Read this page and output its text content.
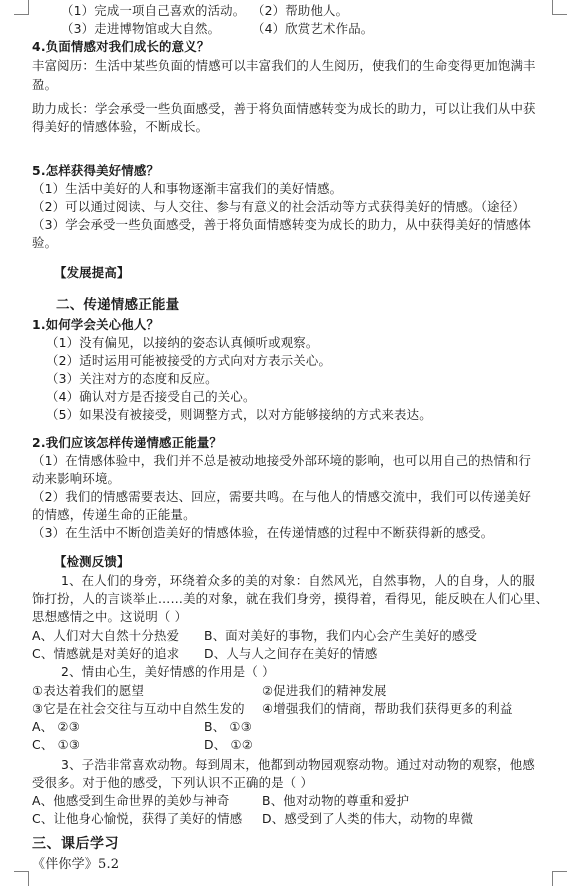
（1）完成一项自己喜欢的活动。 （2）帮助他人。
（3）走进博物馆或大自然。	（4）欣赏艺术作品。
4.负面情感对我们成长的意义？
丰富阅历：生活中某些负面的情感可以丰富我们的人生阅历，使我们的生命变得更加饱满丰
盈。
助力成长：学会承受一些负面感受，善于将负面情感转变为成长的助力，可以让我们从中获
得美好的情感体验，不断成长。
5.怎样获得美好情感？
（1）生活中美好的人和事物逐渐丰富我们的美好情感。
（2）可以通过阅读、与人交往、参与有意义的社会活动等方式获得美好的情感。（途径）
（3）学会承受一些负面感受，善于将负面情感转变为成长的助力，从中获得美好的情感体
验。
【发展提高】
二、传递情感正能量
1.如何学会关心他人？
（1）没有偏见，以接纳的姿态认真倾听或观察。
（2）适时运用可能被接受的方式向对方表示关心。
（3）关注对方的态度和反应。
（4）确认对方是否接受自己的关心。
（5）如果没有被接受，则调整方式，以对方能够接纳的方式来表达。
2.我们应该怎样传递情感正能量？
（1）在情感体验中，我们并不总是被动地接受外部环境的影响，也可以用自己的热情和行
动来影响环境。
（2）我们的情感需要表达、回应，需要共鸣。在与他人的情感交流中，我们可以传递美好
的情感，传递生命的正能量。
（3）在生活中不断创造美好的情感体验，在传递情感的过程中不断获得新的感受。
【检测反馈】
1、在人们的身旁，环绕着众多的美的对象：自然风光，自然事物，人的自身，人的服
饰打扮，人的言谈举止……美的对象，就在我们身旁，摸得着，看得见，能反映在人们心里、
思想感情之中。这说明（ ）
A、人们对大自然十分热爱 B、面对美好的事物，我们内心会产生美好的感受
C、情感就是对美好的追求 D、人与人之间存在美好的情感
2、情由心生，美好情感的作用是（ ）
①表达着我们的愿望	②促进我们的精神发展
③它是在社会交往与互动中自然生发的 ④增强我们的情商，帮助我们获得更多的利益
A、 ②③	B、 ①③
C、 ①③	D、 ①②
3、子浩非常喜欢动物。每到周末，他都到动物园观察动物。通过对动物的观察，他感
受很多。对于他的感受，下列认识不正确的是（ ）
A、他感受到生命世界的美妙与神奇	B、他对动物的尊重和爱护
C、让他身心愉悦，获得了美好的情感 D、感受到了人类的伟大，动物的卑微
三、课后学习
《伴你学》5.2
